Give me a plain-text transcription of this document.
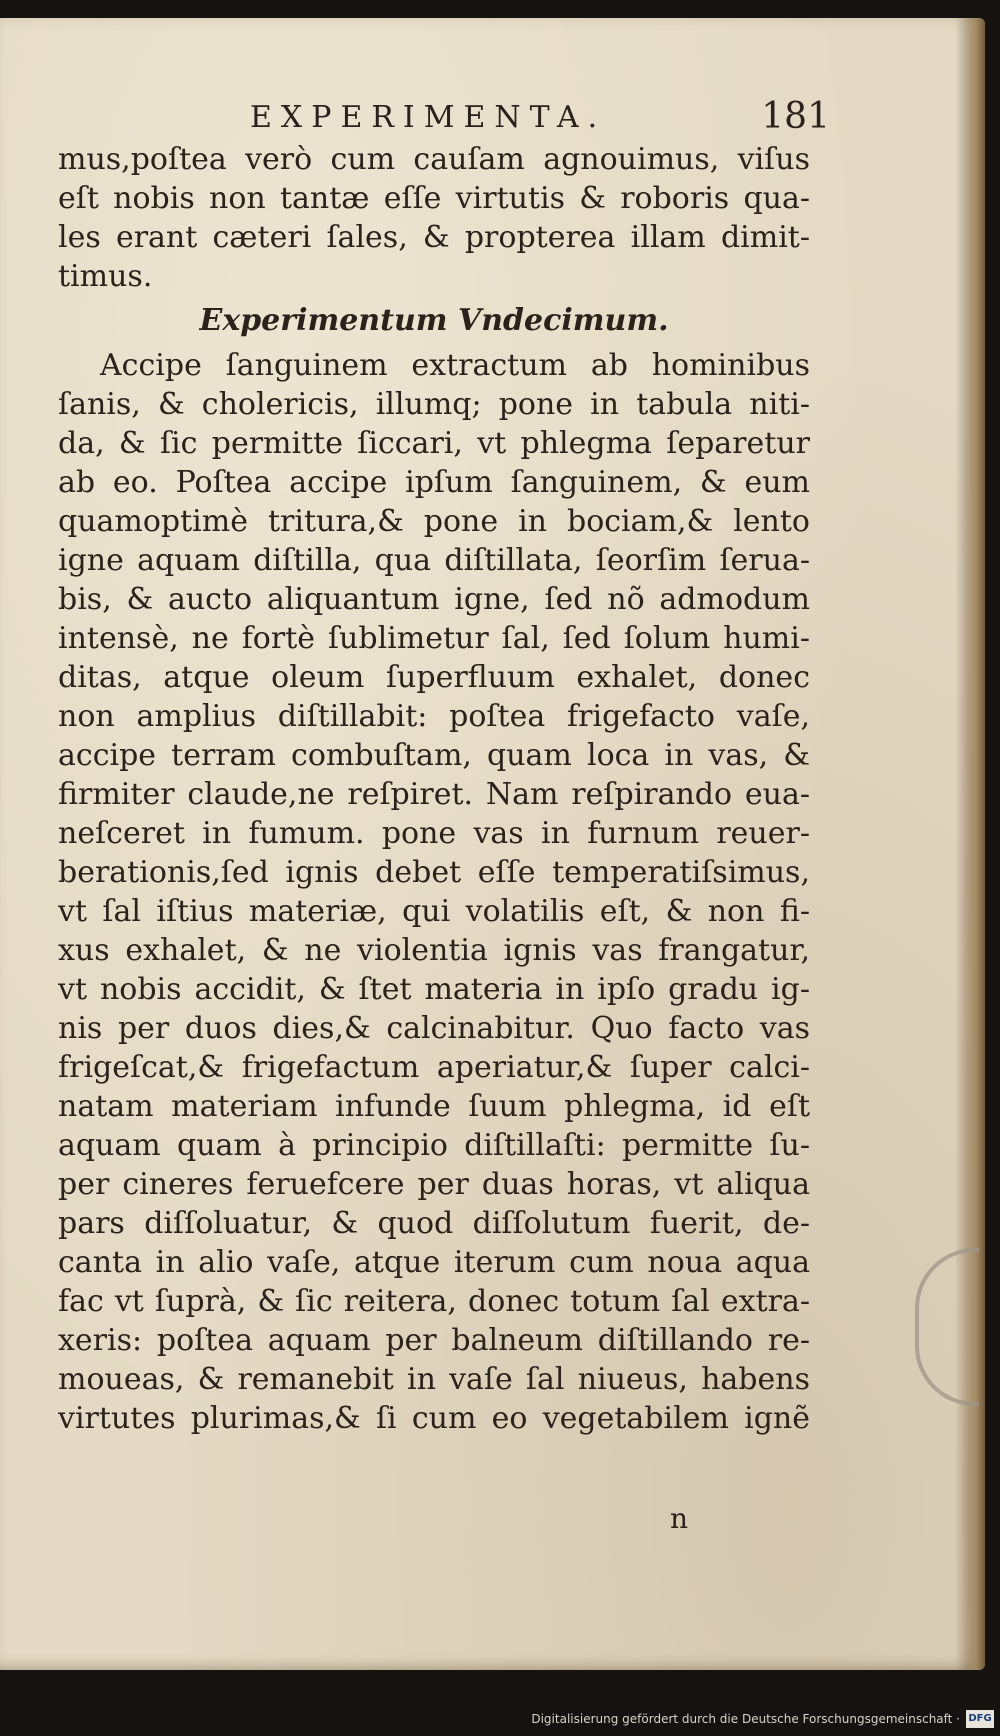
EXPERIMENTA.	181
mus,poſtea verò cum cauſam agnouimus, viſus
eſt nobis non tantæ eſſe virtutis & roboris qua-
les erant cæteri ſales, & propterea illam dimit-
timus.
Experimentum Vndecimum.
Accipe ſanguinem extractum ab hominibus
ſanis, & cholericis, illumq; pone in tabula niti-
da, & ſic permitte ſiccari, vt phlegma ſeparetur
ab eo. Poſtea accipe ipſum ſanguinem, & eum
quamoptimè tritura,& pone in bociam,& lento
igne aquam diſtilla, qua diſtillata, ſeorſim ſerua-
bis, & aucto aliquantum igne, ſed nõ admodum
intensè, ne fortè ſublimetur ſal, ſed ſolum humi-
ditas, atque oleum ſuperfluum exhalet, donec
non amplius diſtillabit: poſtea frigefacto vaſe,
accipe terram combuſtam, quam loca in vas, &
firmiter claude,ne reſpiret. Nam reſpirando eua-
neſceret in fumum. pone vas in furnum reuer-
berationis,ſed ignis debet eſſe temperatiſsimus,
vt ſal iſtius materiæ, qui volatilis eſt, & non fi-
xus exhalet, & ne violentia ignis vas frangatur,
vt nobis accidit, & ſtet materia in ipſo gradu ig-
nis per duos dies,& calcinabitur. Quo facto vas
frigeſcat,& frigefactum aperiatur,& ſuper calci-
natam materiam infunde ſuum phlegma, id eſt
aquam quam à principio diſtillaſti: permitte ſu-
per cineres feruefcere per duas horas, vt aliqua
pars diſſoluatur, & quod diſſolutum fuerit, de-
canta in alio vaſe, atque iterum cum noua aqua
fac vt ſuprà, & ſic reitera, donec totum ſal extra-
xeris: poſtea aquam per balneum diſtillando re-
moueas, & remanebit in vaſe ſal niueus, habens
virtutes plurimas,& ſi cum eo vegetabilem ignẽ
n
Digitalisierung gefördert durch die Deutsche Forschungsgemeinschaft · DFG
